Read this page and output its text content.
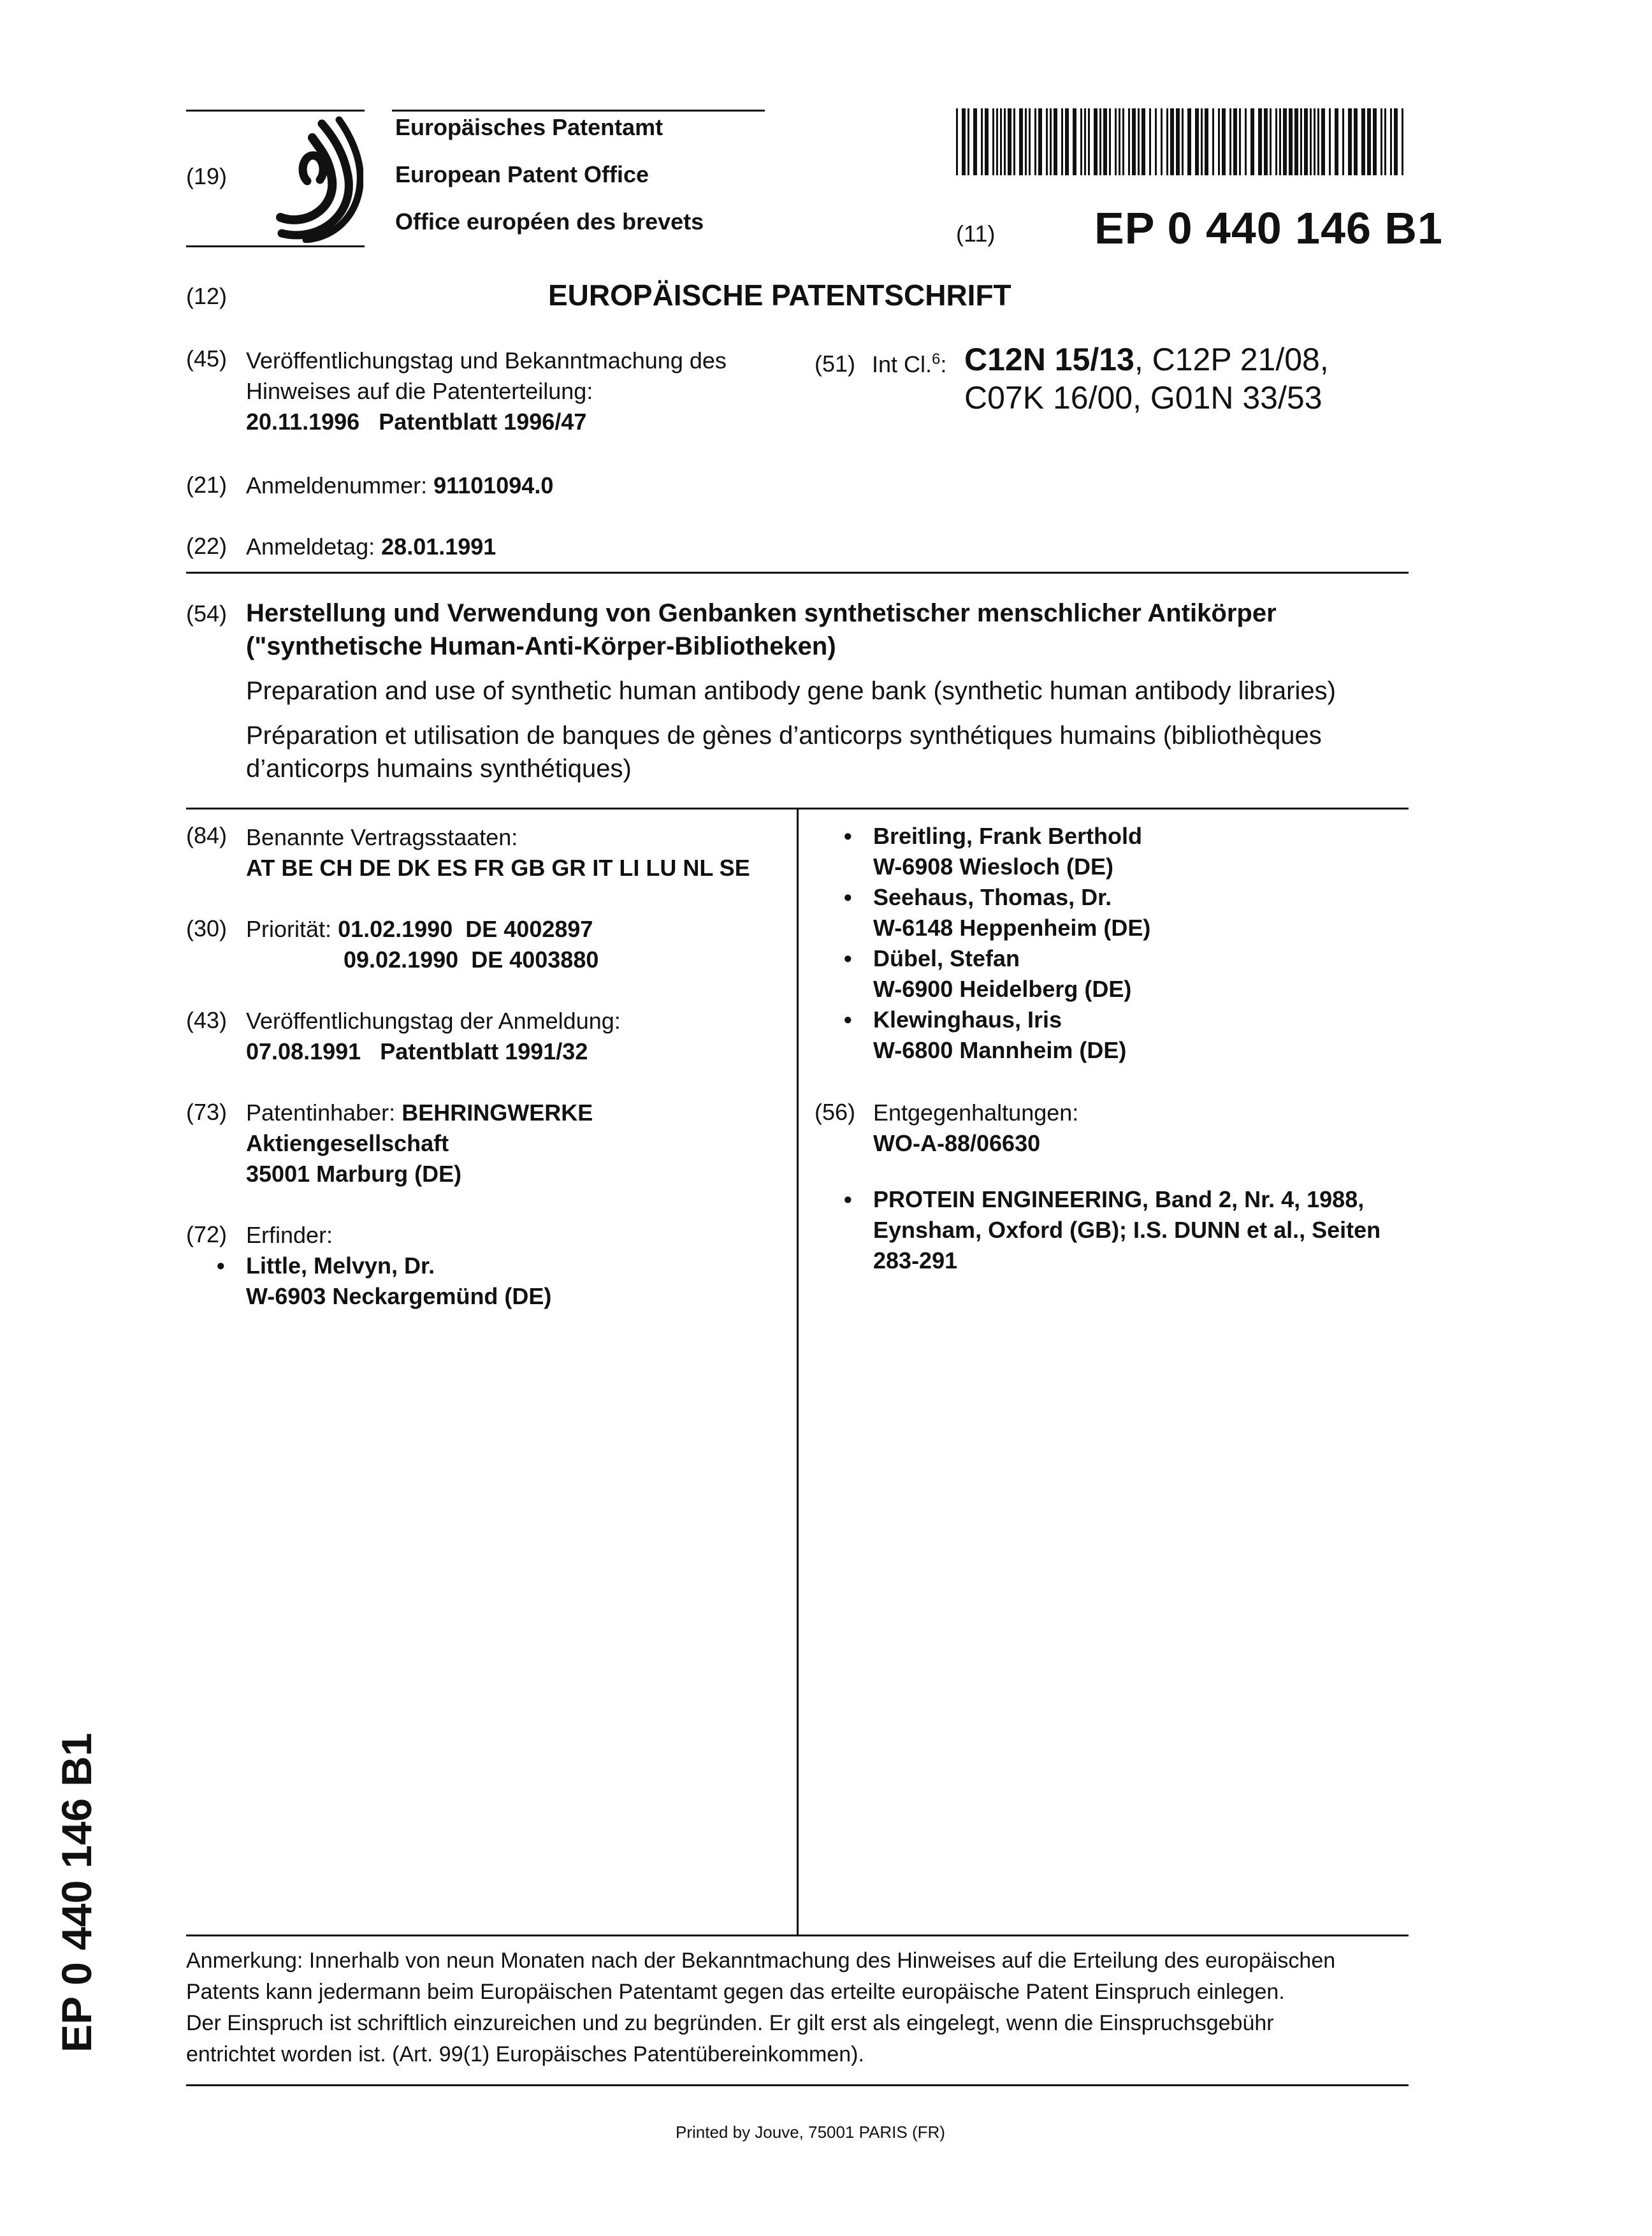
(19)
Europäisches Patentamt
European Patent Office
Office européen des brevets	(11) EP 0 440 146 B1
(12)	EUROPÄISCHE PATENTSCHRIFT
(45) Veröffentlichungstag und Bekanntmachung des
Hinweises auf die Patenterteilung:
20.11.1996 Patentblatt 1996/47
(51) Int Cl.$^6$: C12N 15/13, C12P 21/08,
C07K 16/00, G01N 33/53
(21) Anmeldenummer: 91101094.0
(22) Anmeldetag: 28.01.1991
(54) Herstellung und Verwendung von Genbanken synthetischer menschlicher Antikörper
("synthetische Human-Anti-Körper-Bibliotheken)
Preparation and use of synthetic human antibody gene bank (synthetic human antibody libraries)
Préparation et utilisation de banques de gènes d’anticorps synthétiques humains (bibliothèques
d’anticorps humains synthétiques)
(84) Benannte Vertragsstaaten:
AT BE CH DE DK ES FR GB GR IT LI LU NL SE
(30) Priorität: 01.02.1990 DE 4002897
09.02.1990 DE 4003880
(43) Veröffentlichungstag der Anmeldung:
07.08.1991 Patentblatt 1991/32
(73) Patentinhaber: BEHRINGWERKE
Aktiengesellschaft
35001 Marburg (DE)
(72) Erfinder:
• Little, Melvyn, Dr.
W-6903 Neckargemünd (DE)
• Breitling, Frank Berthold
W-6908 Wiesloch (DE)
• Seehaus, Thomas, Dr.
W-6148 Heppenheim (DE)
• Dübel, Stefan
W-6900 Heidelberg (DE)
• Klewinghaus, Iris
W-6800 Mannheim (DE)
(56) Entgegenhaltungen:
WO-A-88/06630
• PROTEIN ENGINEERING, Band 2, Nr. 4, 1988,
Eynsham, Oxford (GB); I.S. DUNN et al., Seiten
283-291
EP 0 440 146 B1	Anmerkung: Innerhalb von neun Monaten nach der Bekanntmachung des Hinweises auf die Erteilung des europäischen
Patents kann jedermann beim Europäischen Patentamt gegen das erteilte europäische Patent Einspruch einlegen.
Der Einspruch ist schriftlich einzureichen und zu begründen. Er gilt erst als eingelegt, wenn die Einspruchsgebühr
entrichtet worden ist. (Art. 99(1) Europäisches Patentübereinkommen).
Printed by Jouve, 75001 PARIS (FR)
